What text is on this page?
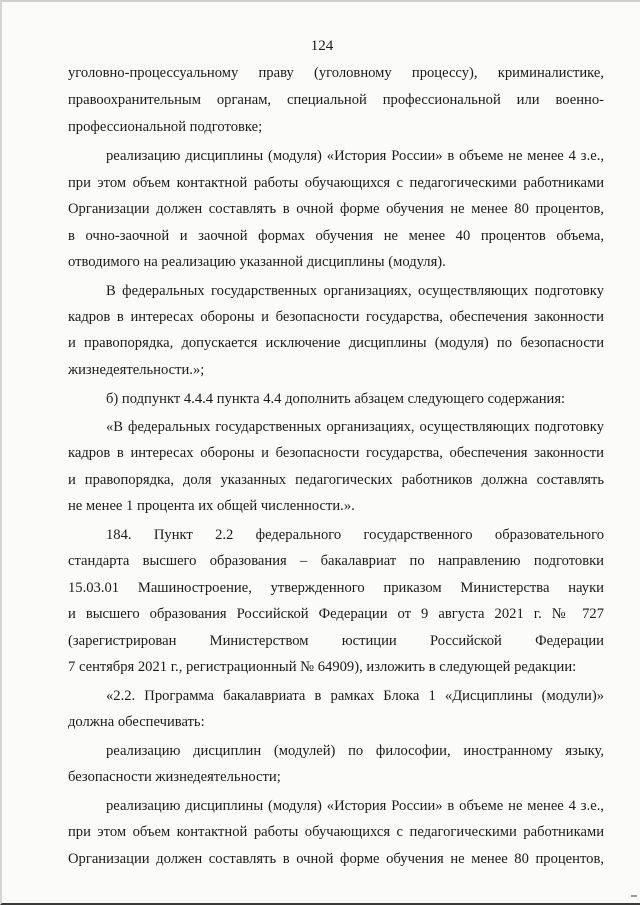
124
уголовно-процессуальному праву (уголовному процессу), криминалистике,
правоохранительным органам, специальной профессиональной или военно-
профессиональной подготовке;
реализацию дисциплины (модуля) «История России» в объеме не менее 4 з.е.,
при этом объем контактной работы обучающихся с педагогическими работниками
Организации должен составлять в очной форме обучения не менее 80 процентов,
в очно-заочной и заочной формах обучения не менее 40 процентов объема,
отводимого на реализацию указанной дисциплины (модуля).
В федеральных государственных организациях, осуществляющих подготовку
кадров в интересах обороны и безопасности государства, обеспечения законности
и правопорядка, допускается исключение дисциплины (модуля) по безопасности
жизнедеятельности.»;
б) подпункт 4.4.4 пункта 4.4 дополнить абзацем следующего содержания:
«В федеральных государственных организациях, осуществляющих подготовку
кадров в интересах обороны и безопасности государства, обеспечения законности
и правопорядка, доля указанных педагогических работников должна составлять
не менее 1 процента их общей численности.».
184. Пункт 2.2 федерального государственного образовательного
стандарта высшего образования – бакалавриат по направлению подготовки
15.03.01 Машиностроение, утвержденного приказом Министерства науки
и высшего образования Российской Федерации от 9 августа 2021 г. № 727
(зарегистрирован Министерством юстиции Российской Федерации
7 сентября 2021 г., регистрационный № 64909), изложить в следующей редакции:
«2.2. Программа бакалавриата в рамках Блока 1 «Дисциплины (модули)»
должна обеспечивать:
реализацию дисциплин (модулей) по философии, иностранному языку,
безопасности жизнедеятельности;
реализацию дисциплины (модуля) «История России» в объеме не менее 4 з.е.,
при этом объем контактной работы обучающихся с педагогическими работниками
Организации должен составлять в очной форме обучения не менее 80 процентов,
